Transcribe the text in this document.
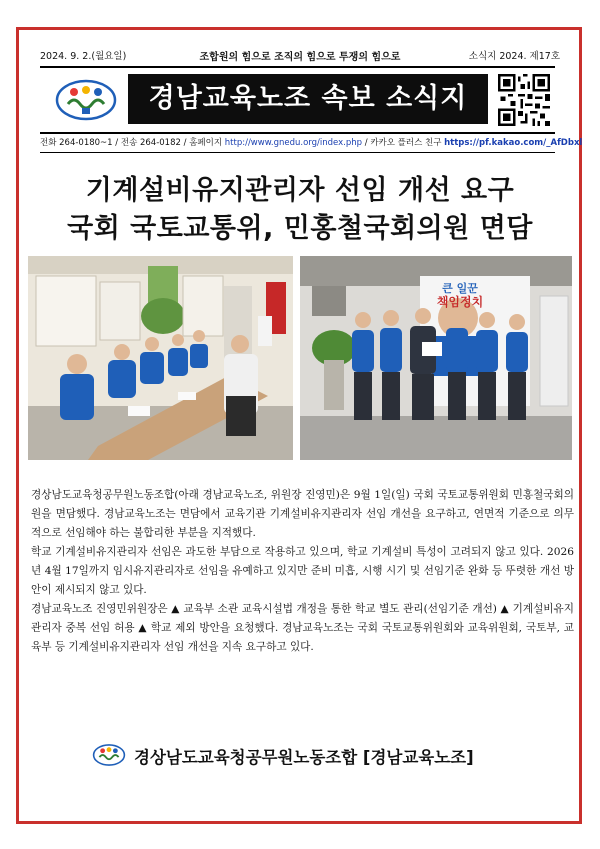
2024. 9. 2.(월요일)	조합원의 힘으로 조직의 힘으로 투쟁의 힘으로	소식지 2024. 제17호
경남교육노조 속보 소식지
전화 264-0180~1 / 전송 264-0182 / 홈페이지 http://www.gnedu.org/index.php / 카카오 플러스 친구 https://pf.kakao.com/_AfDbxl
기계설비유지관리자 선임 개선 요구
국회 국토교통위, 민홍철국회의원 면담
큰 일꾼
책임정치

경상남도교육청공무원노동조합(아래 경남교육노조, 위원장 진영민)은 9월 1일(일) 국회 국토교통위원회 민홍철국회의원을 면담했다. 경남교육노조는 면담에서 교육기관 기계설비유지관리자 선임 개선을 요구하고, 연면적 기준으로 의무적으로 선임해야 하는 불합리한 부분을 지적했다.

학교 기계설비유지관리자 선임은 과도한 부담으로 작용하고 있으며, 학교 기계설비 특성이 고려되지 않고 있다. 2026년 4월 17일까지 임시유지관리자로 선임을 유예하고 있지만 준비 미흡, 시행 시기 및 선임기준 완화 등 뚜렷한 개선 방안이 제시되지 않고 있다.

경남교육노조 진영민위원장은 ▲ 교육부 소관 교육시설법 개정을 통한 학교 별도 관리(선임기준 개선) ▲ 기계설비유지관리자 중복 선임 허용 ▲ 학교 제외 방안을 요청했다. 경남교육노조는 국회 국토교통위원회와 교육위원회, 국토부, 교육부 등 기계설비유지관리자 선임 개선을 지속 요구하고 있다.

경상남도교육청공무원노동조합 [경남교육노조]
